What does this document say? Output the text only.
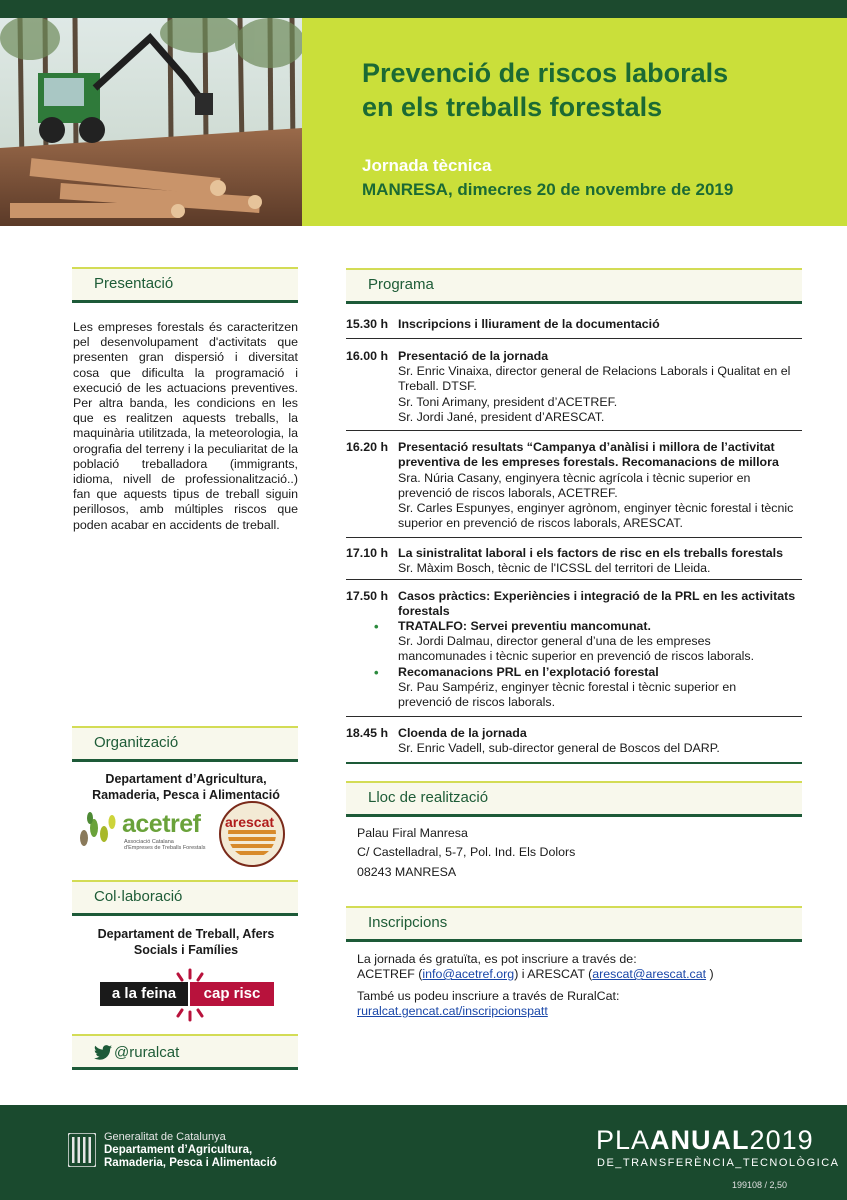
Prevenció de riscos laborals
en els treballs forestals
Jornada tècnica
MANRESA, dimecres 20 de novembre de 2019
Presentació
Les empreses forestals és caracteritzen pel desenvolupament d'activitats que presenten gran dispersió i diversitat cosa que dificulta la programació i execució de les actuacions preventives. Per altra banda, les condicions en les que es realitzen aquests treballs, la maquinària utilitzada, la meteorologia, la orografia del terreny i la peculiaritat de la població treballadora (immigrants, idioma, nivell de professionalització..) fan que aquests tipus de treball siguin perillosos, amb múltiples riscos que poden acabar en accidents de treball.
Organització
Departament d’Agricultura,
Ramaderia, Pesca i Alimentació
acetref
Associació Catalana
d'Empreses de Treballs Forestals
arescat
Col·laboració
Departament de Treball, Afers
Socials i Famílies
a la feina	cap risc
@ruralcat
Programa
15.30 h Inscripcions i lliurament de la documentació
16.00 h Presentació de la jornada
Sr. Enric Vinaixa, director general de Relacions Laborals i Qualitat en el Treball. DTSF.
Sr. Toni Arimany, president d’ACETREF.
Sr. Jordi Jané, president d’ARESCAT.
16.20 h Presentació resultats “Campanya d’anàlisi i millora de l’activitat preventiva de les empreses forestals. Recomanacions de millora
Sra. Núria Casany, enginyera tècnic agrícola i tècnic superior en prevenció de riscos laborals, ACETREF.
Sr. Carles Espunyes, enginyer agrònom, enginyer tècnic forestal i tècnic superior en prevenció de riscos laborals, ARESCAT.
17.10 h La sinistralitat laboral i els factors de risc en els treballs forestals
Sr. Màxim Bosch, tècnic de l'ICSSL del territori de Lleida.
17.50 h Casos pràctics: Experiències i integració de la PRL en les activitats forestals
• TRATALFO: Servei preventiu mancomunat.
Sr. Jordi Dalmau, director general d’una de les empreses mancomunades i tècnic superior en prevenció de riscos laborals.
• Recomanacions PRL en l’explotació forestal
Sr. Pau Sampériz, enginyer tècnic forestal i tècnic superior en prevenció de riscos laborals.
18.45 h Cloenda de la jornada
Sr. Enric Vadell, sub-director general de Boscos del DARP.
Lloc de realització
Palau Firal Manresa
C/ Castelladral, 5-7, Pol. Ind. Els Dolors
08243 MANRESA
Inscripcions
La jornada és gratuïta, es pot inscriure a través de:
ACETREF (info@acetref.org) i ARESCAT (arescat@arescat.cat )
També us podeu inscriure a través de RuralCat:
ruralcat.gencat.cat/inscripcionspatt
Generalitat de Catalunya
Departament d’Agricultura,
Ramaderia, Pesca i Alimentació
PLAANUAL2019
DE_TRANSFERÈNCIA_TECNOLÒGICA
199108 / 2,50
